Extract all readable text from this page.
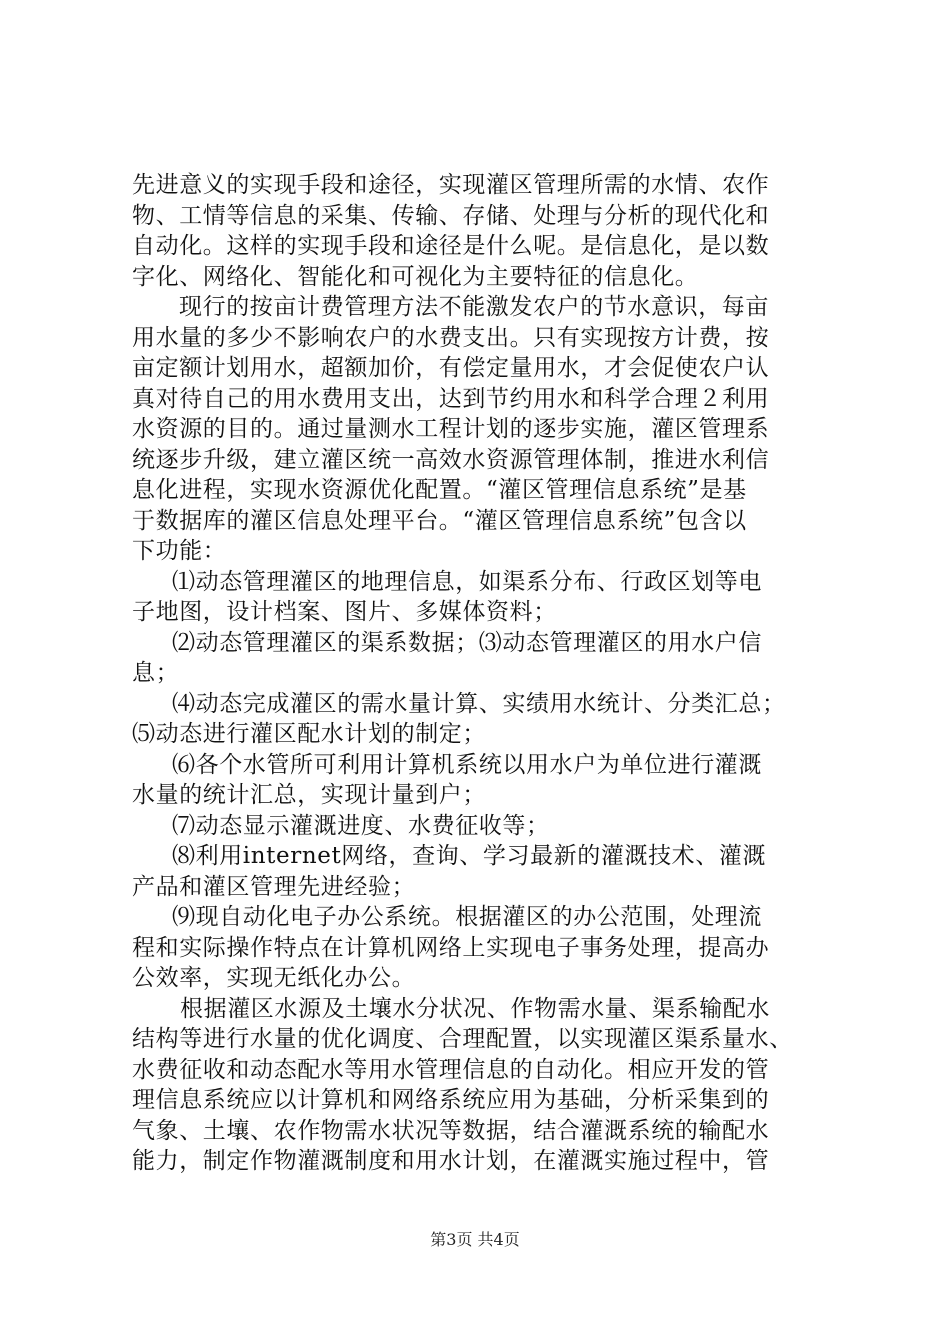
先进意义的实现手段和途径，实现灌区管理所需的水情、农作
物、工情等信息的采集、传输、存储、处理与分析的现代化和
自动化。这样的实现手段和途径是什么呢。是信息化，是以数
字化、网络化、智能化和可视化为主要特征的信息化。
现行的按亩计费管理方法不能激发农户的节水意识，每亩
用水量的多少不影响农户的水费支出。只有实现按方计费，按
亩定额计划用水，超额加价，有偿定量用水，才会促使农户认
真对待自己的用水费用支出，达到节约用水和科学合理２利用
水资源的目的。通过量测水工程计划的逐步实施，灌区管理系
统逐步升级，建立灌区统一高效水资源管理体制，推进水利信
息化进程，实现水资源优化配置。“灌区管理信息系统”是基
于数据库的灌区信息处理平台。“灌区管理信息系统”包含以
下功能：
⑴动态管理灌区的地理信息，如渠系分布、行政区划等电
子地图，设计档案、图片、多媒体资料；
⑵动态管理灌区的渠系数据；⑶动态管理灌区的用水户信
息；
⑷动态完成灌区的需水量计算、实绩用水统计、分类汇总；
⑸动态进行灌区配水计划的制定；
⑹各个水管所可利用计算机系统以用水户为单位进行灌溉
水量的统计汇总，实现计量到户；
⑺动态显示灌溉进度、水费征收等；
⑻利用internet网络，查询、学习最新的灌溉技术、灌溉
产品和灌区管理先进经验；
⑼现自动化电子办公系统。根据灌区的办公范围，处理流
程和实际操作特点在计算机网络上实现电子事务处理，提高办
公效率，实现无纸化办公。
根据灌区水源及土壤水分状况、作物需水量、渠系输配水
结构等进行水量的优化调度、合理配置，以实现灌区渠系量水、
水费征收和动态配水等用水管理信息的自动化。相应开发的管
理信息系统应以计算机和网络系统应用为基础，分析采集到的
气象、土壤、农作物需水状况等数据，结合灌溉系统的输配水
能力，制定作物灌溉制度和用水计划，在灌溉实施过程中，管
第3页 共4页
